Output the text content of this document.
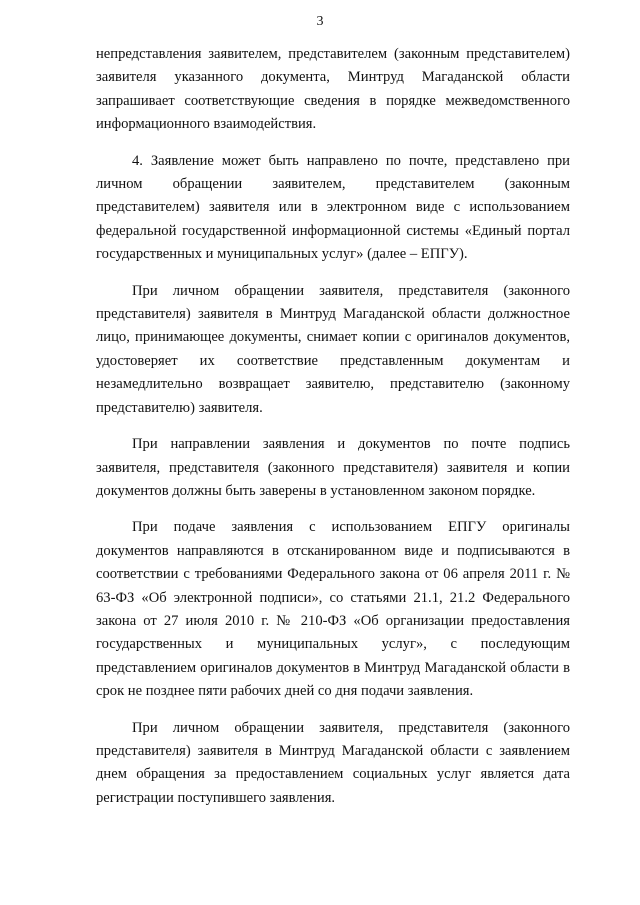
3

непредставления заявителем, представителем (законным представителем) заявителя указанного документа, Минтруд Магаданской области запрашивает соответствующие сведения в порядке межведомственного информационного взаимодействия.

4. Заявление может быть направлено по почте, представлено при личном обращении заявителем, представителем (законным представителем) заявителя или в электронном виде с использованием федеральной государственной информационной системы «Единый портал государственных и муниципальных услуг» (далее – ЕПГУ).

При личном обращении заявителя, представителя (законного представителя) заявителя в Минтруд Магаданской области должностное лицо, принимающее документы, снимает копии с оригиналов документов, удостоверяет их соответствие представленным документам и незамедлительно возвращает заявителю, представителю (законному представителю) заявителя.

При направлении заявления и документов по почте подпись заявителя, представителя (законного представителя) заявителя и копии документов должны быть заверены в установленном законом порядке.

При подаче заявления с использованием ЕПГУ оригиналы документов направляются в отсканированном виде и подписываются в соответствии с требованиями Федерального закона от 06 апреля 2011 г. № 63-ФЗ «Об электронной подписи», со статьями 21.1, 21.2 Федерального закона от 27 июля 2010 г. № 210-ФЗ «Об организации предоставления государственных и муниципальных услуг», с последующим представлением оригиналов документов в Минтруд Магаданской области в срок не позднее пяти рабочих дней со дня подачи заявления.

При личном обращении заявителя, представителя (законного представителя) заявителя в Минтруд Магаданской области с заявлением днем обращения за предоставлением социальных услуг является дата регистрации поступившего заявления.
